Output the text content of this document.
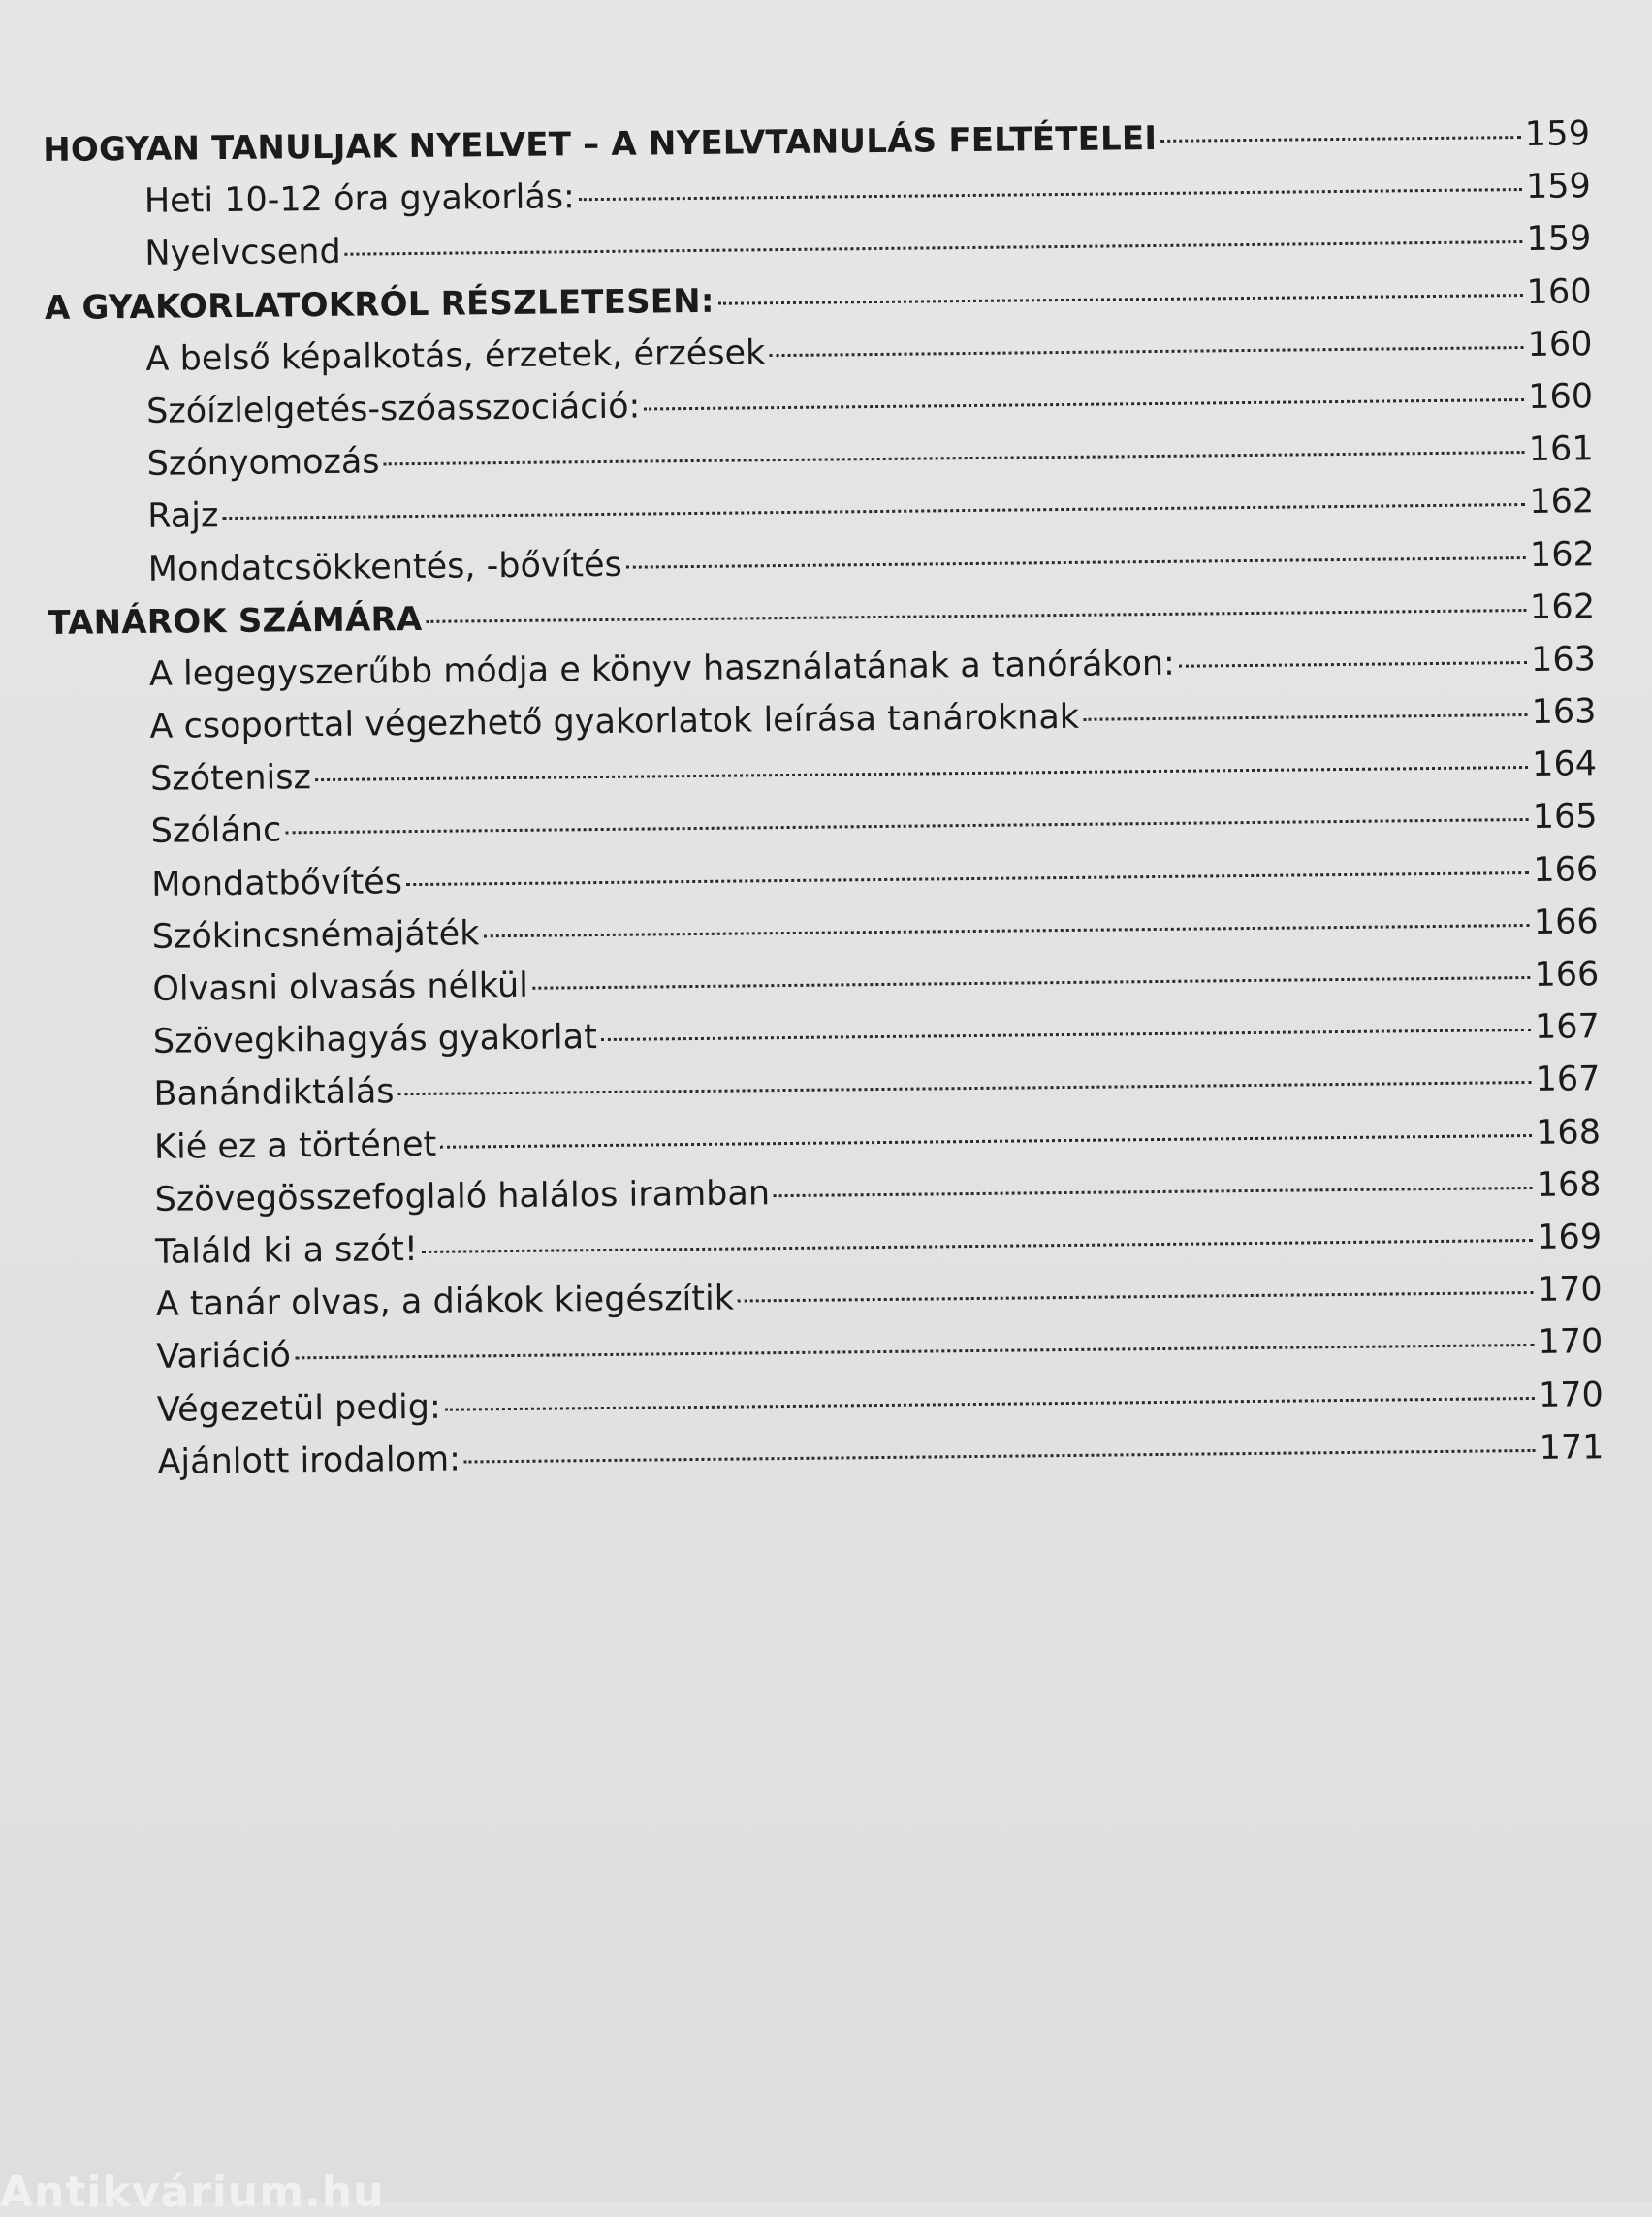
HOGYAN TANULJAK NYELVET – A NYELVTANULÁS FELTÉTELEI	159
Heti 10-12 óra gyakorlás:	159
Nyelvcsend	159
A GYAKORLATOKRÓL RÉSZLETESEN:	160
A belső képalkotás, érzetek, érzések	160
Szóízlelgetés-szóasszociáció:	160
Szónyomozás	161
Rajz	162
Mondatcsökkentés, -bővítés	162
TANÁROK SZÁMÁRA	162
A legegyszerűbb módja e könyv használatának a tanórákon:	163
A csoporttal végezhető gyakorlatok leírása tanároknak	163
Szótenisz	164
Szólánc	165
Mondatbővítés	166
Szókincsnémajáték	166
Olvasni olvasás nélkül	166
Szövegkihagyás gyakorlat	167
Banándiktálás	167
Kié ez a történet	168
Szövegösszefoglaló halálos iramban	168
Találd ki a szót!	169
A tanár olvas, a diákok kiegészítik	170
Variáció	170
Végezetül pedig:	170
Ajánlott irodalom:	171
Antikvárium.hu
